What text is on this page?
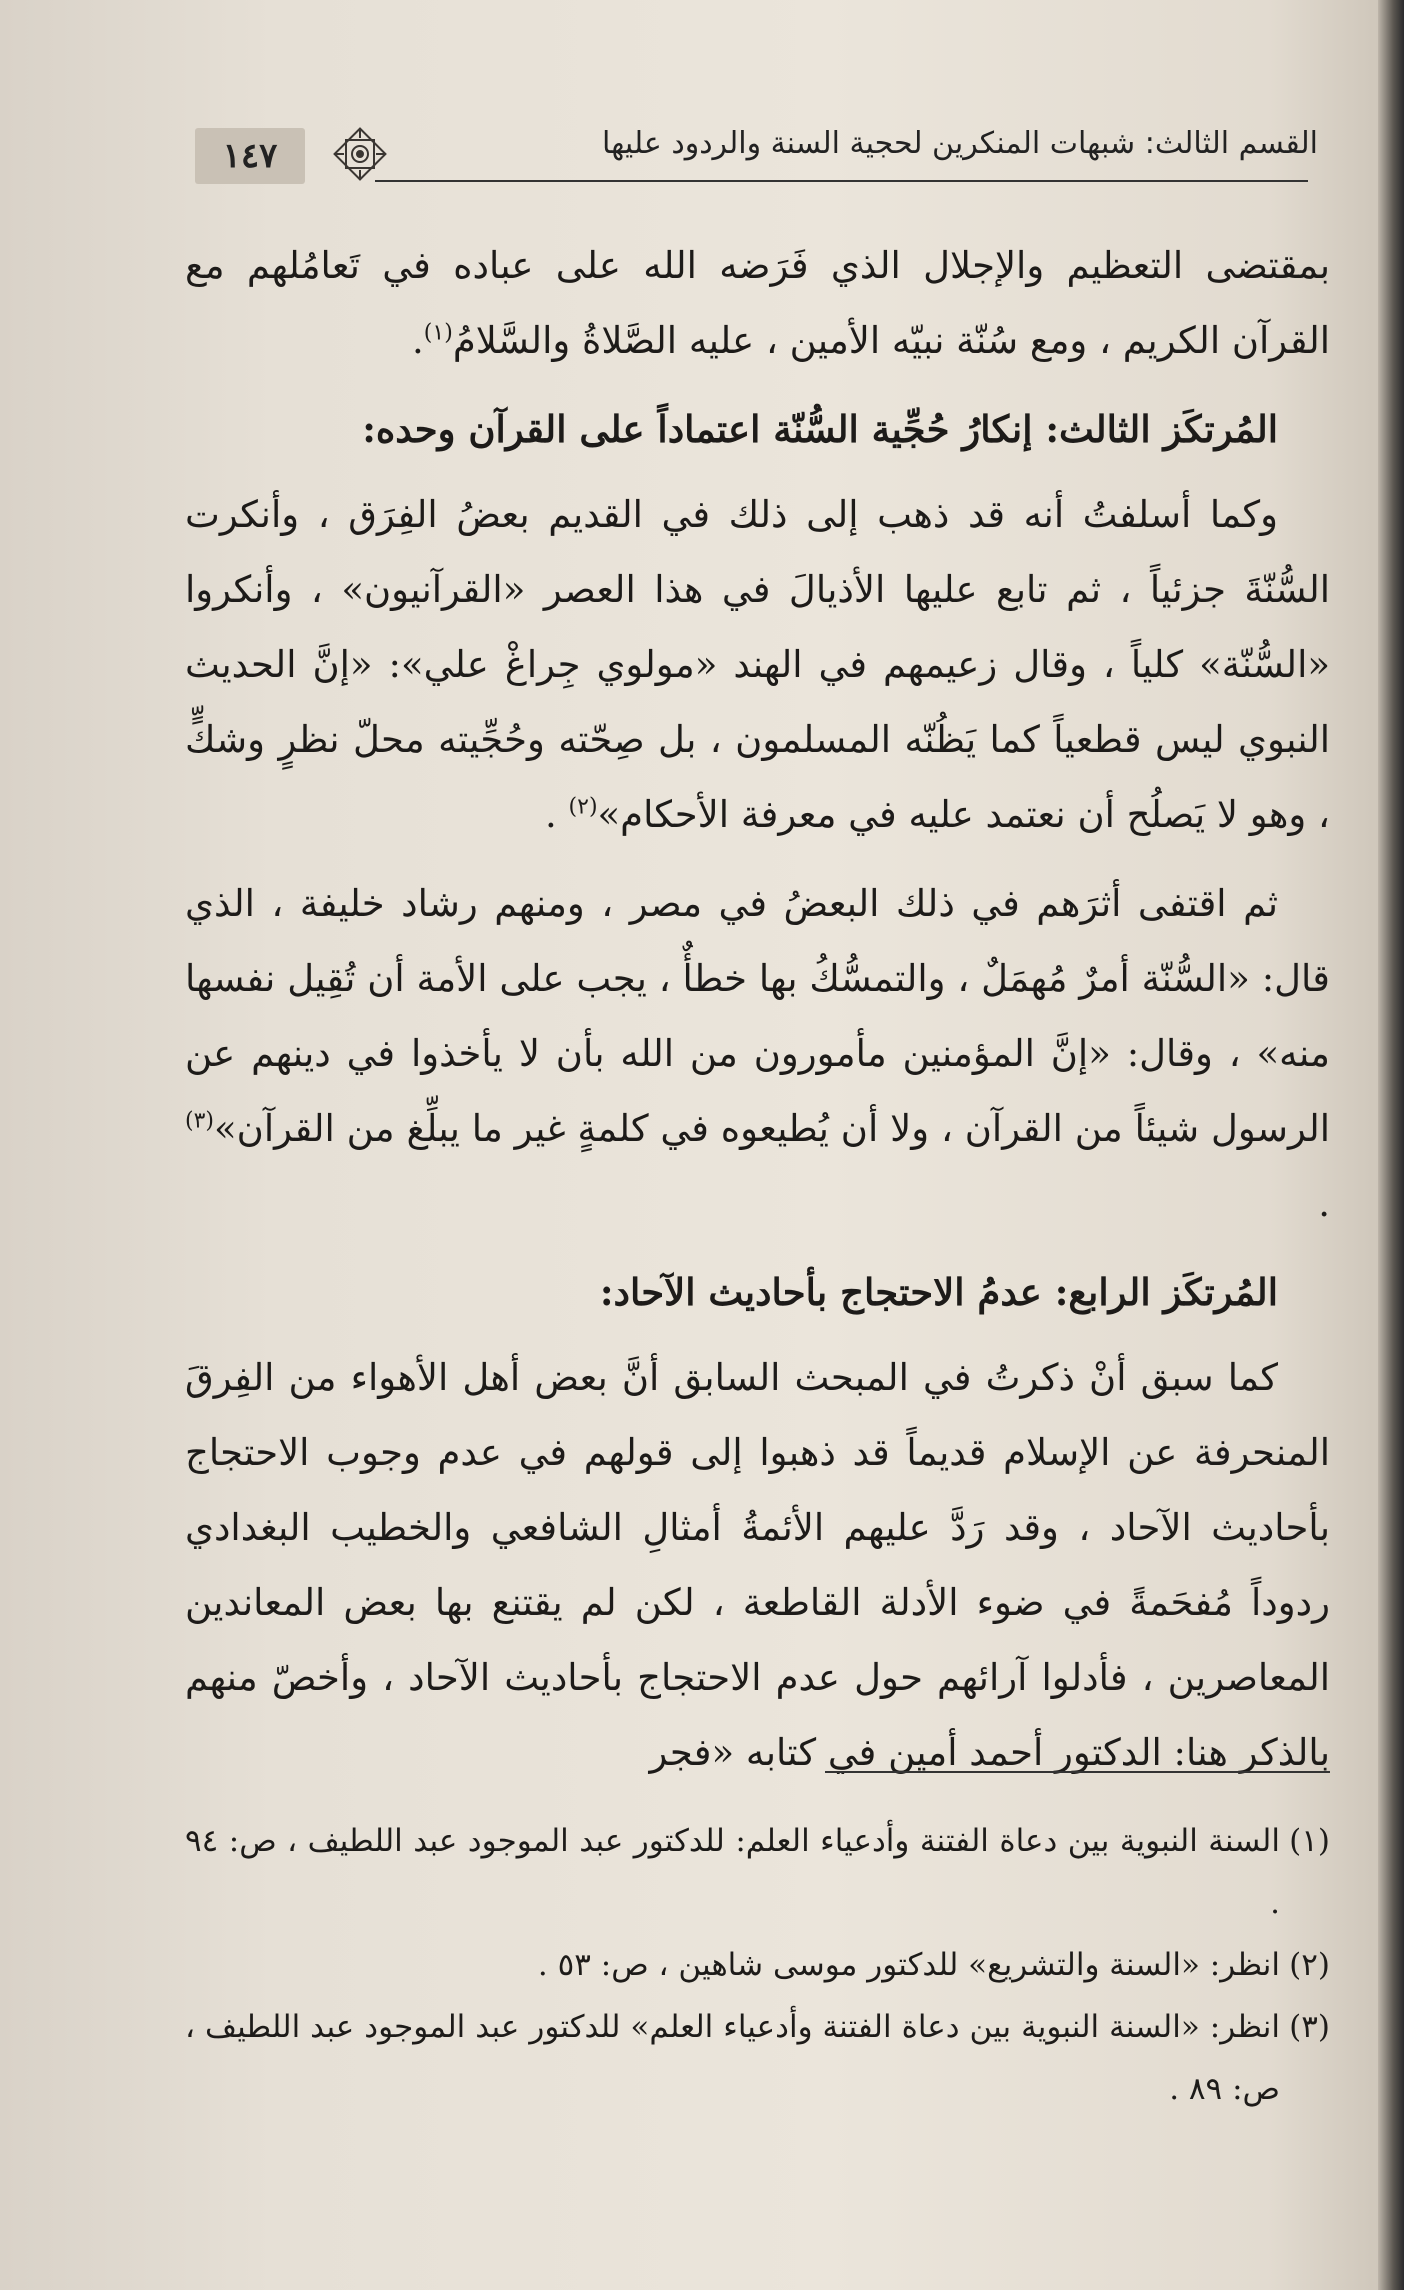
القسم الثالث: شبهات المنكرين لحجية السنة والردود عليها
١٤٧

بمقتضى التعظيم والإجلال الذي فَرَضه الله على عباده في تَعامُلهم مع القرآن الكريم ، ومع سُنّة نبيّه الأمين ، عليه الصَّلاةُ والسَّلامُ$^{(١)}$.

المُرتكَز الثالث: إنكارُ حُجِّية السُّنّة اعتماداً على القرآن وحده:

وكما أسلفتُ أنه قد ذهب إلى ذلك في القديم بعضُ الفِرَق ، وأنكرت السُّنّةَ جزئياً ، ثم تابع عليها الأذيالَ في هذا العصر «القرآنيون» ، وأنكروا «السُّنّة» كلياً ، وقال زعيمهم في الهند «مولوي جِراغْ علي»: «إنَّ الحديث النبوي ليس قطعياً كما يَظُنّه المسلمون ، بل صِحّته وحُجِّيته محلّ نظرٍ وشكٍّ ، وهو لا يَصلُح أن نعتمد عليه في معرفة الأحكام»$^{(٢)}$ .

ثم اقتفى أثرَهم في ذلك البعضُ في مصر ، ومنهم رشاد خليفة ، الذي قال: «السُّنّة أمرٌ مُهمَلٌ ، والتمسُّكُ بها خطأٌ ، يجب على الأمة أن تُقِيل نفسها منه» ، وقال: «إنَّ المؤمنين مأمورون من الله بأن لا يأخذوا في دينهم عن الرسول شيئاً من القرآن ، ولا أن يُطيعوه في كلمةٍ غير ما يبلِّغ من القرآن»$^{(٣)}$ .

المُرتكَز الرابع: عدمُ الاحتجاج بأحاديث الآحاد:

كما سبق أنْ ذكرتُ في المبحث السابق أنَّ بعض أهل الأهواء من الفِرقَ المنحرفة عن الإسلام قديماً قد ذهبوا إلى قولهم في عدم وجوب الاحتجاج بأحاديث الآحاد ، وقد رَدَّ عليهم الأئمةُ أمثالِ الشافعي والخطيب البغدادي ردوداً مُفحَمةً في ضوء الأدلة القاطعة ، لكن لم يقتنع بها بعض المعاندين المعاصرين ، فأدلوا آرائهم حول عدم الاحتجاج بأحاديث الآحاد ، وأخصّ منهم بالذكر هنا: الدكتور أحمد أمين في كتابه «فجر

(١)
السنة النبوية بين دعاة الفتنة وأدعياء العلم: للدكتور عبد الموجود عبد اللطيف ، ص: ٩٤ .
(٢)
انظر: «السنة والتشريع» للدكتور موسى شاهين ، ص: ٥٣ .
(٣)
انظر: «السنة النبوية بين دعاة الفتنة وأدعياء العلم» للدكتور عبد الموجود عبد اللطيف ، ص: ٨٩ .
